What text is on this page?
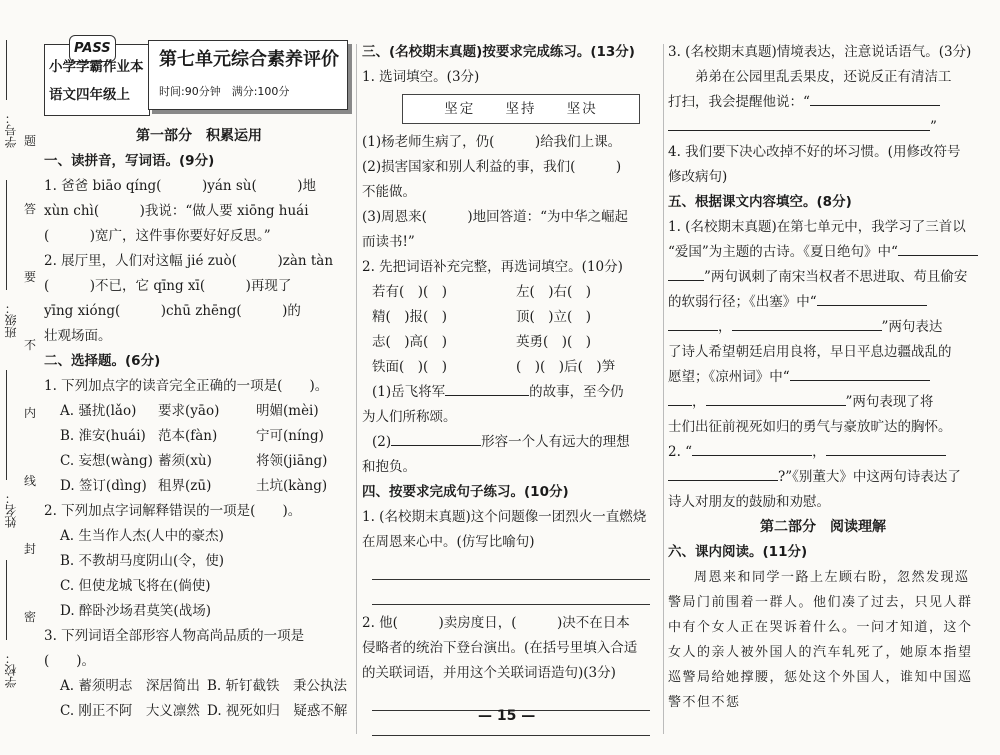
学号：
班级：
姓名：
学校：
题
答
要
不
内
线
封
密
PASS
小学学霸作业本
语文四年级上
第七单元综合素养评价
时间:90分钟　满分:100分
第一部分　积累运用
一、读拼音，写词语。(9分)

1. 爸爸 biāo qíng(　　　)yán sù(　　　)地

xùn chì(　　　)我说：“做人要 xiōng huái

(　　　)宽广，这件事你要好好反思。”

2. 展厅里，人们对这幅 jié zuò(　　　)zàn tàn

(　　　)不已，它 qīng xī(　　　)再现了

yīng xióng(　　　)chū zhēng(　　　)的

壮观场面。

二、选择题。(6分)

1. 下列加点字的读音完全正确的一项是(　　)。

A. 骚扰(lǎo)	要求(yāo)	明媚(mèi)
B. 淮安(huái) 范本(fàn)	宁可(níng)
C. 妄想(wàng) 蓄须(xù)	将领(jiāng)
D. 签订(dìng) 租界(zū)	土坑(kàng)

2. 下列加点字词解释错误的一项是(　　)。

A. 生当作人杰(人中的豪杰)

B. 不教胡马度阴山(令，使)

C. 但使龙城飞将在(倘使)

D. 醉卧沙场君莫笑(战场)

3. 下列词语全部形容人物高尚品质的一项是(　　)。

A. 蓄须明志　深居简出 B. 斩钉截铁　秉公执法
C. 刚正不阿　大义凛然 D. 视死如归　疑惑不解
三、(名校期末真题)按要求完成练习。(13分)

1. 选词填空。(3分)

坚定 坚持 坚决

(1)杨老师生病了，仍(　　　)给我们上课。

(2)损害国家和别人利益的事，我们(　　　)

不能做。

(3)周恩来(　　　)地回答道：“为中华之崛起

而读书!”

2. 先把词语补充完整，再选词填空。(10分)

若有(　)(　)	左(　)右(　)
精(　)报(　)	顶(　)立(　)
志(　)高(　)	英勇(　)(　)
铁面(　)(　)	(　)(　)后(　)笋

(1)岳飞将军	的故事，至今仍

为人们所称颂。

(2)	形容一个人有远大的理想

和抱负。

四、按要求完成句子练习。(10分)

1. (名校期末真题)这个问题像一团烈火一直燃烧

在周恩来心中。(仿写比喻句)

2. 他(　　　)卖房度日，(　　　)决不在日本

侵略者的统治下登台演出。(在括号里填入合适

的关联词语，并用这个关联词语造句)(3分)

3. (名校期末真题)情境表达，注意说话语气。(3分)

弟弟在公园里乱丢果皮，还说反正有清洁工

打扫，我会提醒他说：“

”

4. 我们要下决心改掉不好的坏习惯。(用修改符号

修改病句)

五、根据课文内容填空。(8分)

1. (名校期末真题)在第七单元中，我学习了三首以

“爱国”为主题的古诗。《夏日绝句》中“

”两句讽刺了南宋当权者不思进取、苟且偷安

的软弱行径；《出塞》中“

，	”两句表达

了诗人希望朝廷启用良将，早日平息边疆战乱的

愿望；《凉州词》中“

，	”两句表现了将

士们出征前视死如归的勇气与豪放旷达的胸怀。

2. “	，

?”《别董大》中这两句诗表达了

诗人对朋友的鼓励和劝慰。

第二部分　阅读理解
六、课内阅读。(11分)

周恩来和同学一路上左顾右盼，忽然发现巡警局门前围着一群人。他们凑了过去，只见人群中有个女人正在哭诉着什么。一问才知道，这个女人的亲人被外国人的汽车轧死了，她原本指望巡警局给她撑腰，惩处这个外国人，谁知中国巡警不但不惩

— 15 —
